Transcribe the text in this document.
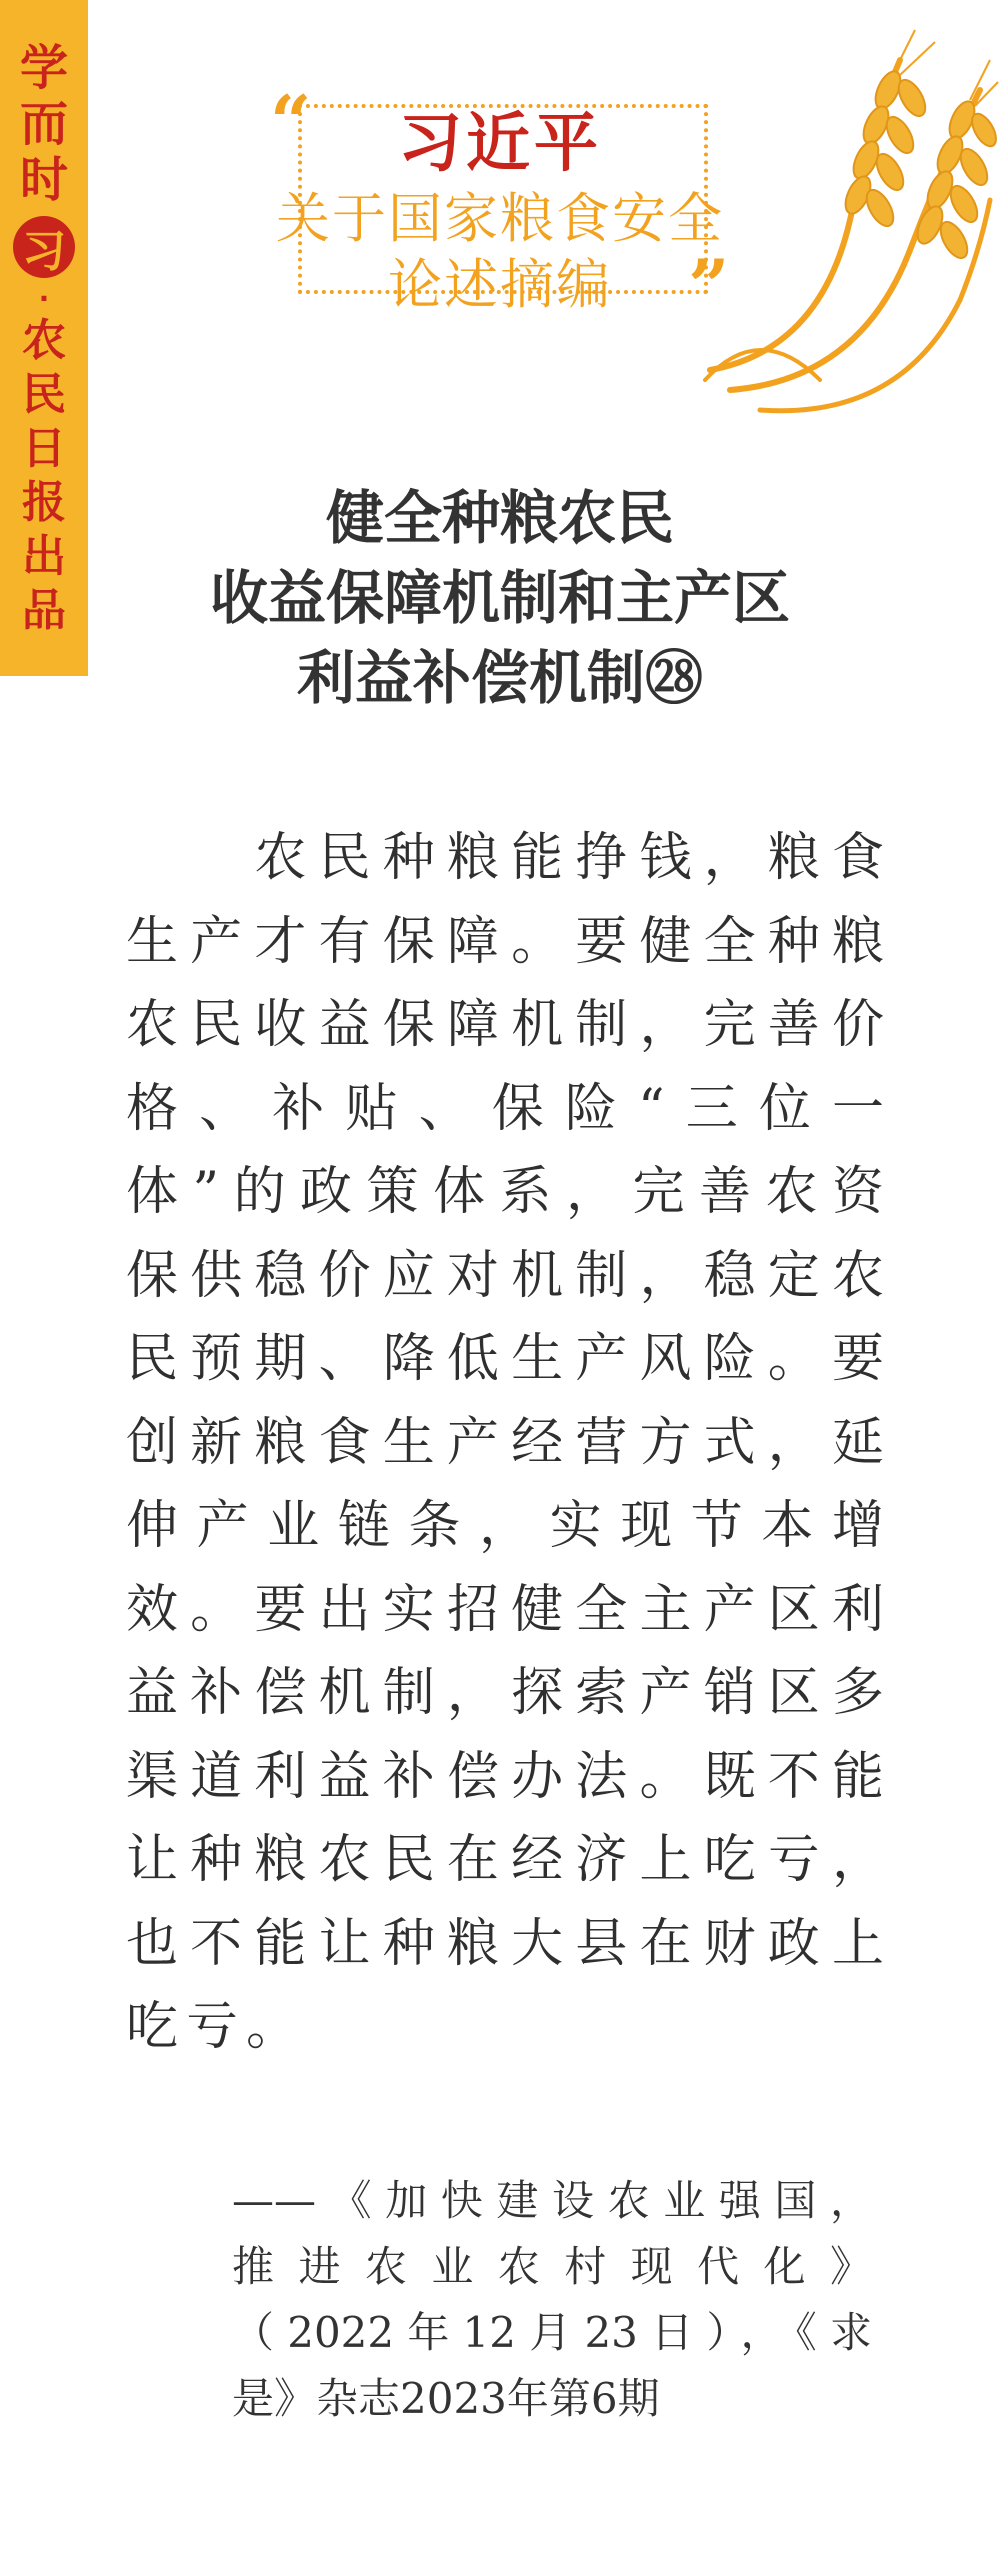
学
而
时
习
·
农
民
日
报
出
品
“
”
习近平
关于国家粮食安全
论述摘编
健全种粮农民
收益保障机制和主产区
利益补偿机制㉘
　　农民种粮能挣钱，粮食
生产才有保障。要健全种粮
农民收益保障机制，完善价
格、补贴、保险“三位一
体”的政策体系，完善农资
保供稳价应对机制，稳定农
民预期、降低生产风险。要
创新粮食生产经营方式，延
伸产业链条，实现节本增
效。要出实招健全主产区利
益补偿机制，探索产销区多
渠道利益补偿办法。既不能
让种粮农民在经济上吃亏，
也不能让种粮大县在财政上
吃亏。
——《加快建设农业强国，
推进农业农村现代化》
（2022年12月23日），《求
是》杂志2023年第6期
